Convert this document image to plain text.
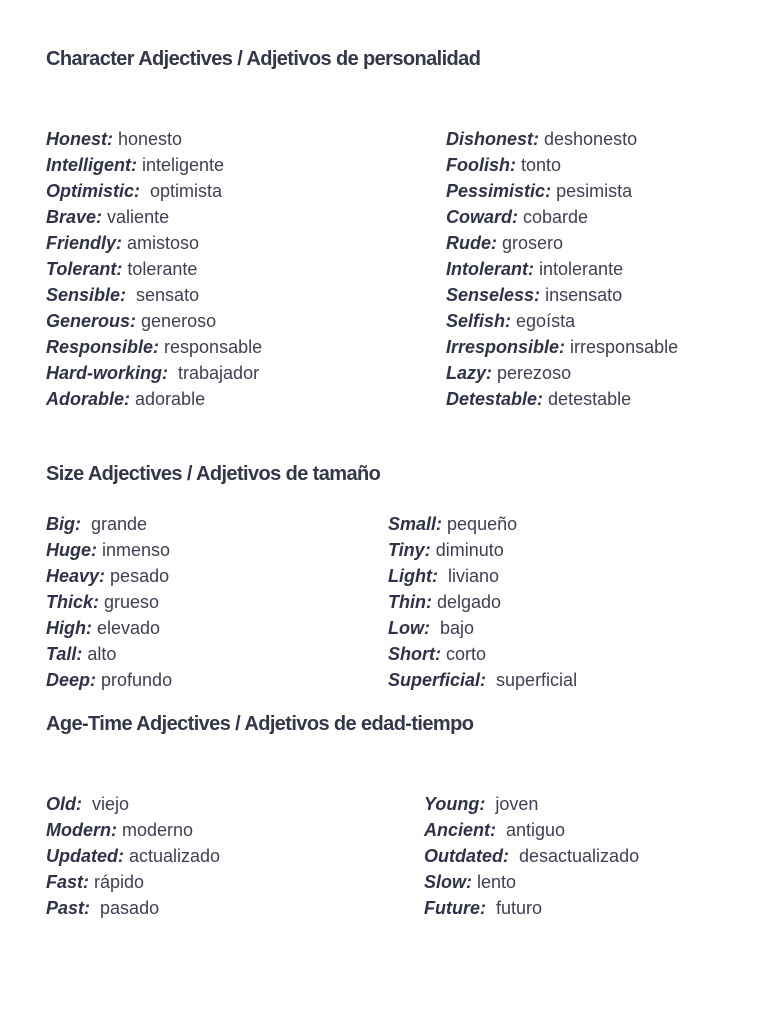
Character Adjectives / Adjetivos de personalidad
Honest: honesto
Intelligent: inteligente
Optimistic:  optimista
Brave: valiente
Friendly: amistoso
Tolerant: tolerante
Sensible:  sensato
Generous: generoso
Responsible: responsable
Hard-working:  trabajador
Adorable: adorable
Dishonest: deshonesto
Foolish: tonto
Pessimistic: pesimista
Coward: cobarde
Rude: grosero
Intolerant: intolerante
Senseless: insensato
Selfish: egoísta
Irresponsible: irresponsable
Lazy: perezoso
Detestable: detestable
Size Adjectives / Adjetivos de tamaño
Big:  grande
Huge: inmenso
Heavy: pesado
Thick: grueso
High: elevado
Tall: alto
Deep: profundo
Small: pequeño
Tiny: diminuto
Light:  liviano
Thin: delgado
Low:  bajo
Short: corto
Superficial:  superficial
Age-Time Adjectives / Adjetivos de edad-tiempo
Old:  viejo
Modern: moderno
Updated: actualizado
Fast: rápido
Past:  pasado
Young:  joven
Ancient:  antiguo
Outdated:  desactualizado
Slow: lento
Future:  futuro
